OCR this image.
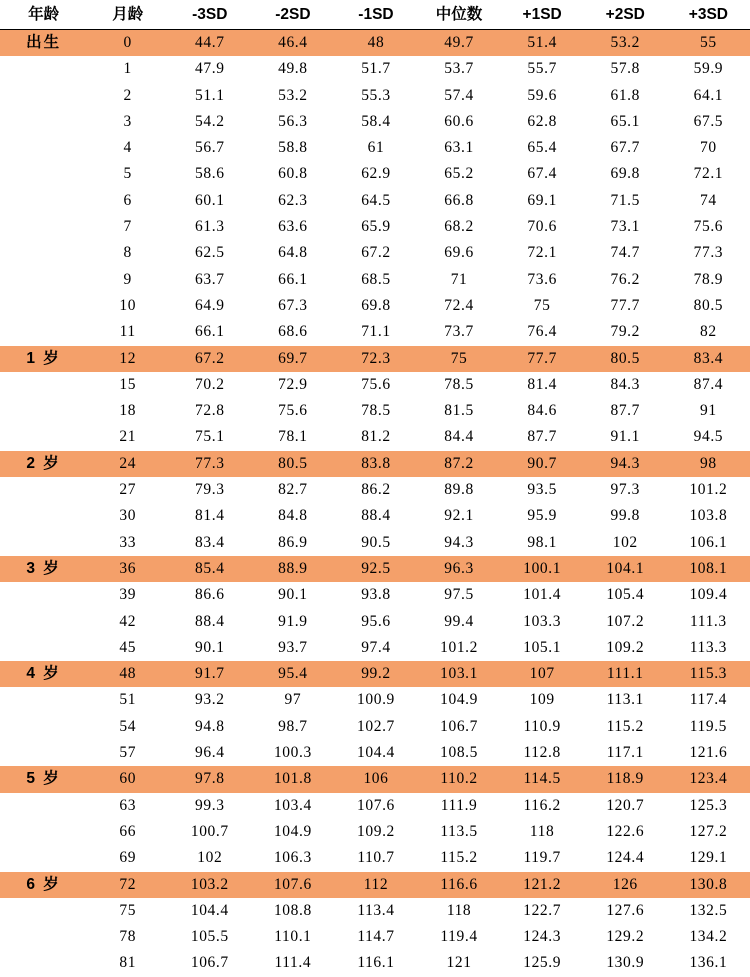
年龄	月龄	-3SD	-2SD	-1SD	中位数	+1SD	+2SD	+3SD
出生	0	44.7	46.4	48	49.7	51.4	53.2	55
	1	47.9	49.8	51.7	53.7	55.7	57.8	59.9
	2	51.1	53.2	55.3	57.4	59.6	61.8	64.1
	3	54.2	56.3	58.4	60.6	62.8	65.1	67.5
	4	56.7	58.8	61	63.1	65.4	67.7	70
	5	58.6	60.8	62.9	65.2	67.4	69.8	72.1
	6	60.1	62.3	64.5	66.8	69.1	71.5	74
	7	61.3	63.6	65.9	68.2	70.6	73.1	75.6
	8	62.5	64.8	67.2	69.6	72.1	74.7	77.3
	9	63.7	66.1	68.5	71	73.6	76.2	78.9
	10	64.9	67.3	69.8	72.4	75	77.7	80.5
	11	66.1	68.6	71.1	73.7	76.4	79.2	82
1 岁	12	67.2	69.7	72.3	75	77.7	80.5	83.4
	15	70.2	72.9	75.6	78.5	81.4	84.3	87.4
	18	72.8	75.6	78.5	81.5	84.6	87.7	91
	21	75.1	78.1	81.2	84.4	87.7	91.1	94.5
2 岁	24	77.3	80.5	83.8	87.2	90.7	94.3	98
	27	79.3	82.7	86.2	89.8	93.5	97.3	101.2
	30	81.4	84.8	88.4	92.1	95.9	99.8	103.8
	33	83.4	86.9	90.5	94.3	98.1	102	106.1
3 岁	36	85.4	88.9	92.5	96.3	100.1	104.1	108.1
	39	86.6	90.1	93.8	97.5	101.4	105.4	109.4
	42	88.4	91.9	95.6	99.4	103.3	107.2	111.3
	45	90.1	93.7	97.4	101.2	105.1	109.2	113.3
4 岁	48	91.7	95.4	99.2	103.1	107	111.1	115.3
	51	93.2	97	100.9	104.9	109	113.1	117.4
	54	94.8	98.7	102.7	106.7	110.9	115.2	119.5
	57	96.4	100.3	104.4	108.5	112.8	117.1	121.6
5 岁	60	97.8	101.8	106	110.2	114.5	118.9	123.4
	63	99.3	103.4	107.6	111.9	116.2	120.7	125.3
	66	100.7	104.9	109.2	113.5	118	122.6	127.2
	69	102	106.3	110.7	115.2	119.7	124.4	129.1
6 岁	72	103.2	107.6	112	116.6	121.2	126	130.8
	75	104.4	108.8	113.4	118	122.7	127.6	132.5
	78	105.5	110.1	114.7	119.4	124.3	129.2	134.2
	81	106.7	111.4	116.1	121	125.9	130.9	136.1
